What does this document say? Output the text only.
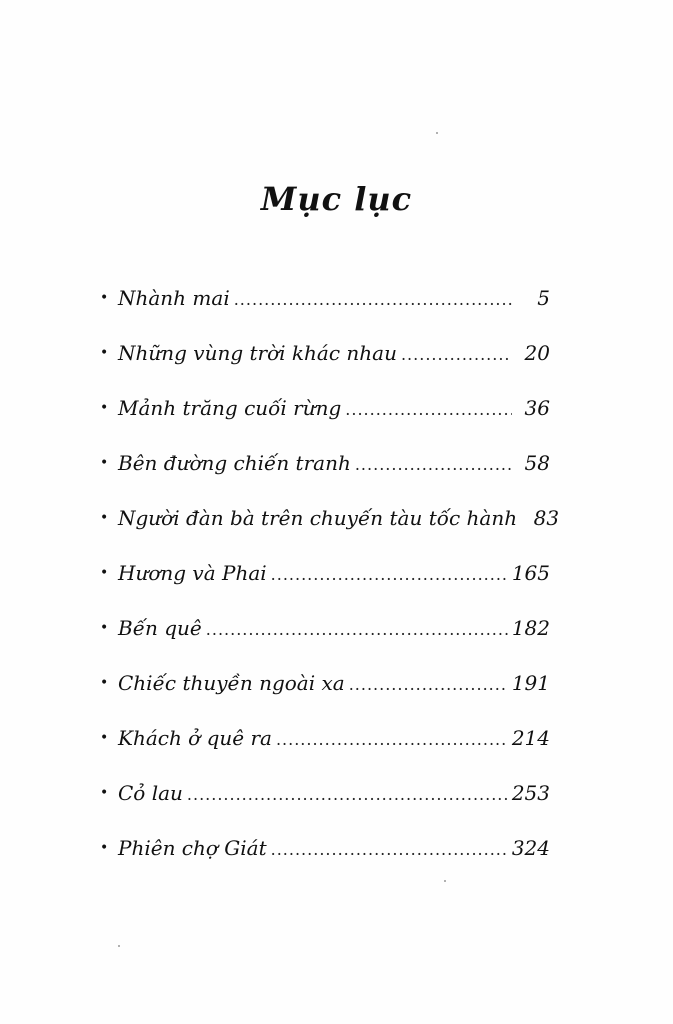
Mục lục
• Nhành mai .....	5
• Những vùng trời khác nhau .....	20
• Mảnh trăng cuối rừng .....	36
• Bên đường chiến tranh .....	58
• Người đàn bà trên chuyến tàu tốc hành 83
• Hương và Phai .....	165
• Bến quê .....	182
• Chiếc thuyền ngoài xa .....	191
• Khách ở quê ra .....	214
• Cỏ lau .....	253
• Phiên chợ Giát .....	324
